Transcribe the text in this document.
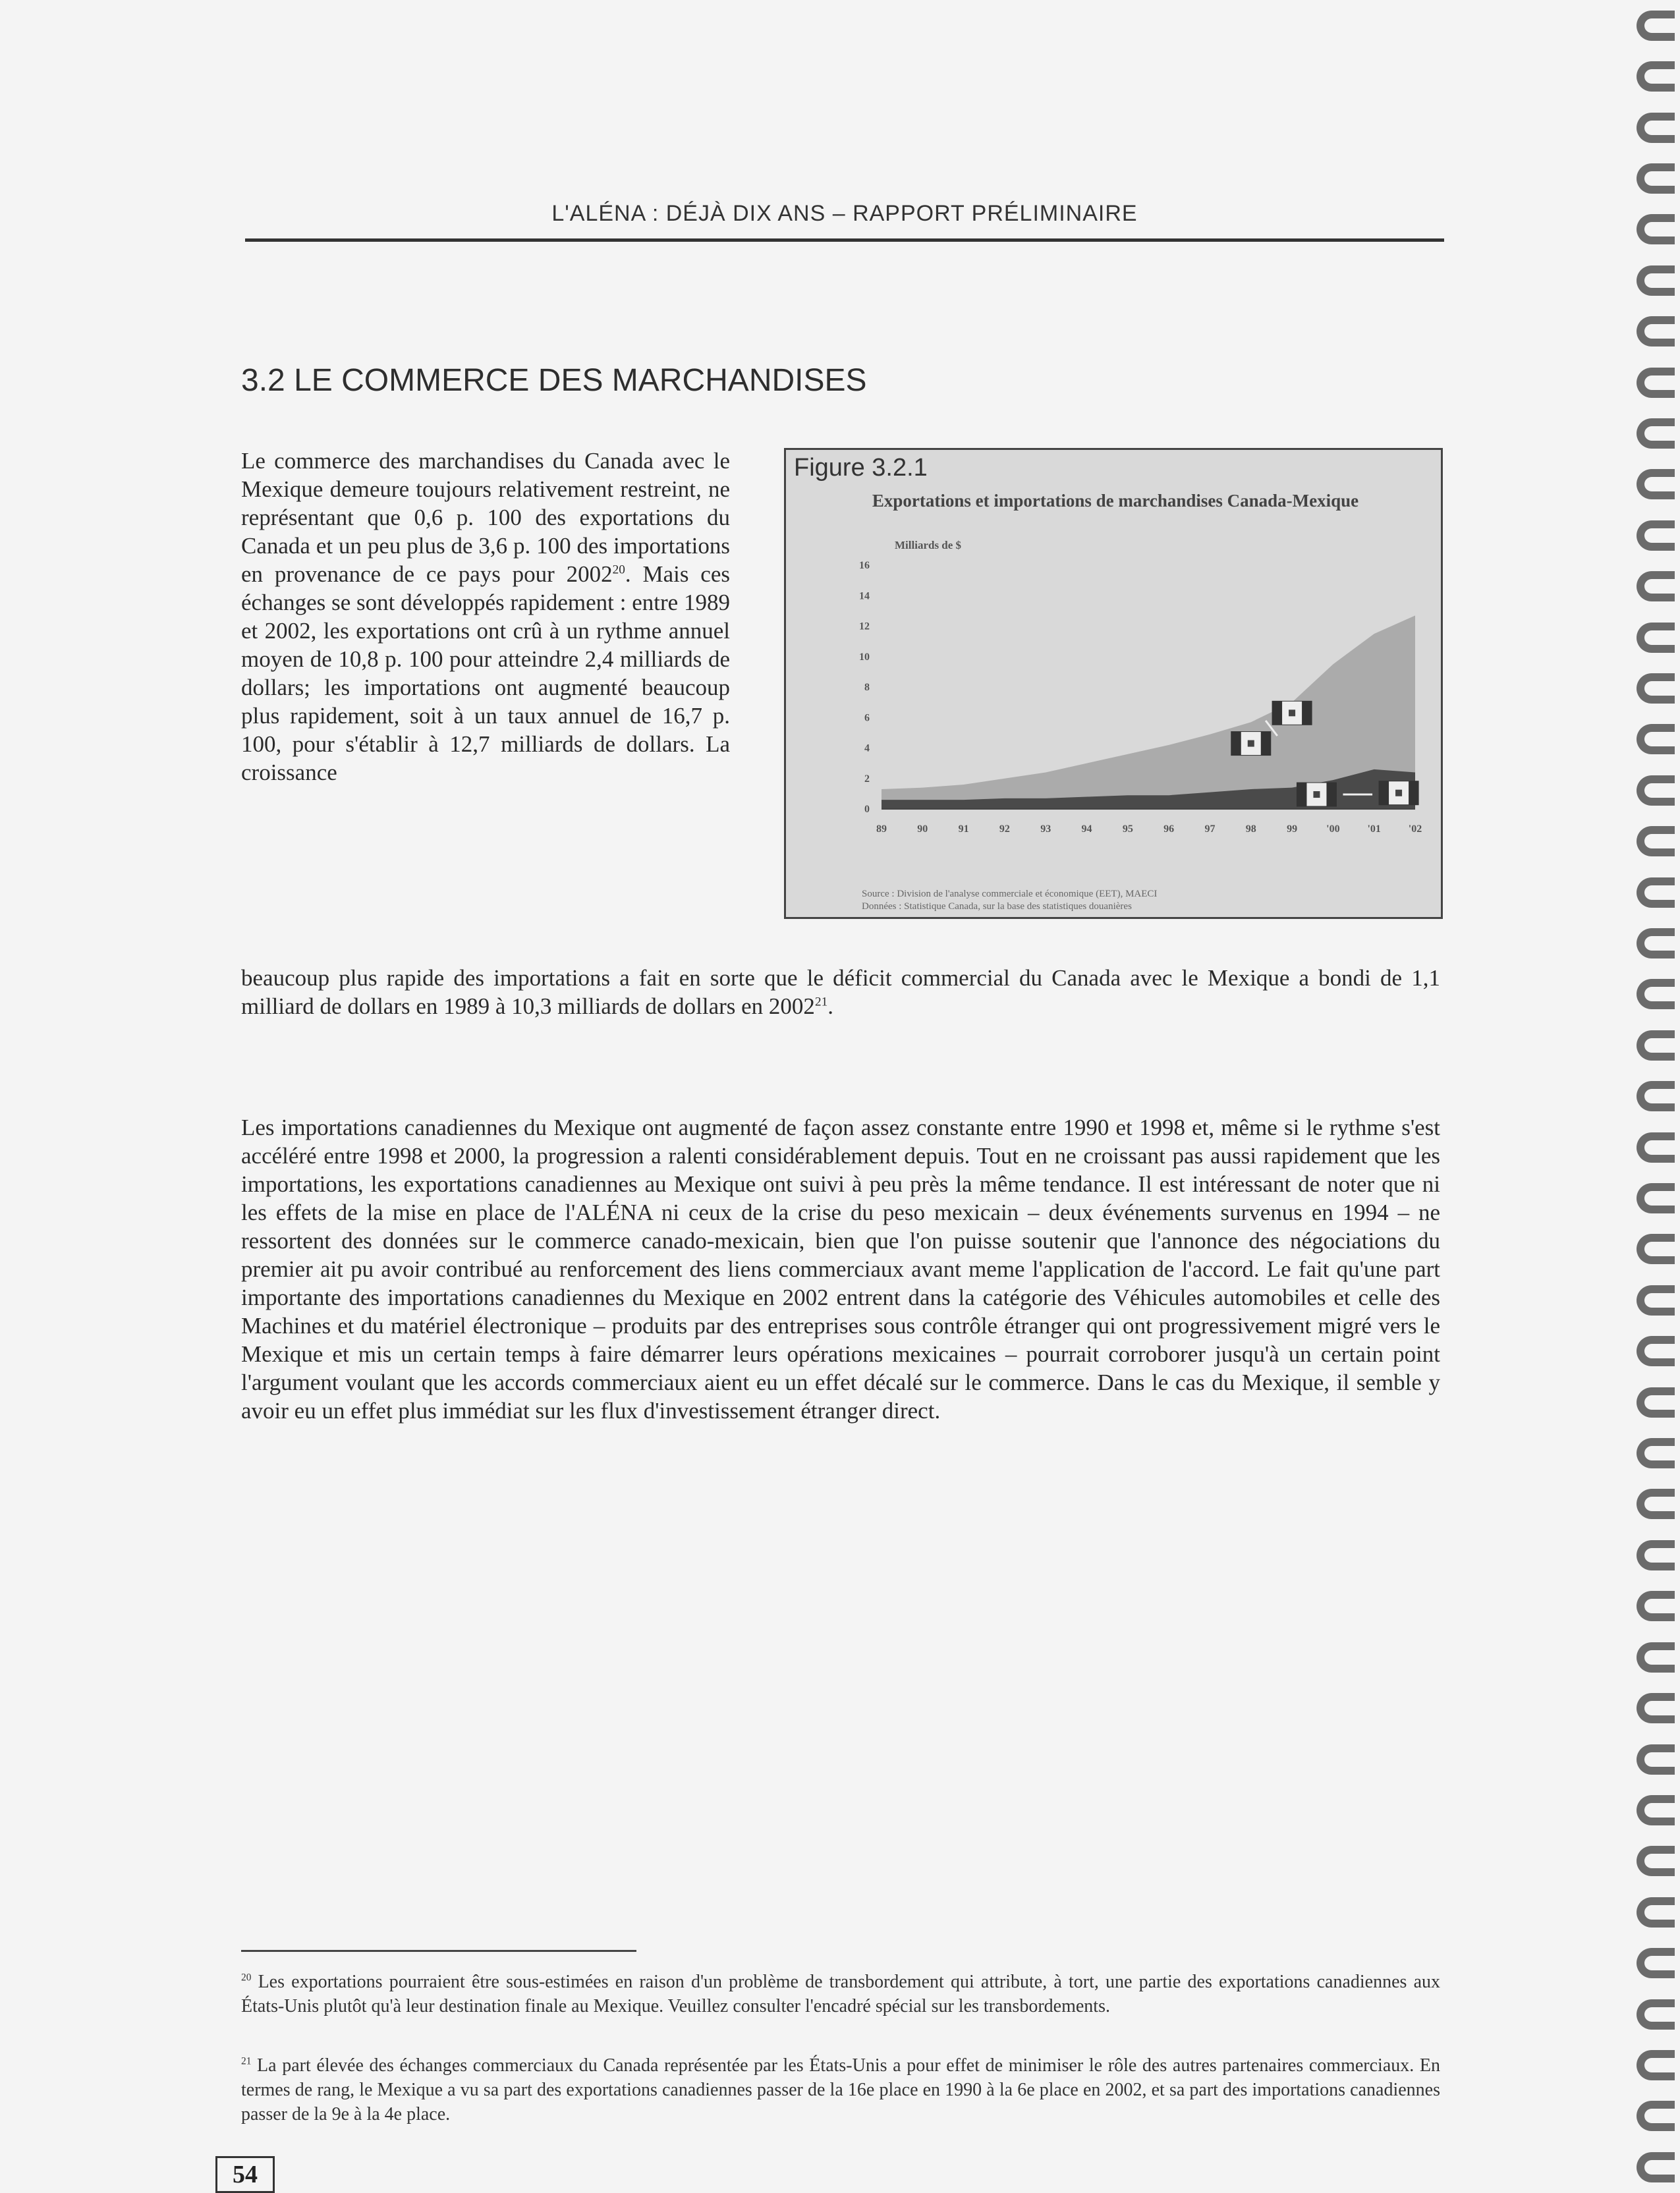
L'ALÉNA : DÉJÀ DIX ANS – RAPPORT PRÉLIMINAIRE
3.2 LE COMMERCE DES MARCHANDISES

Le commerce des marchandises du Canada avec le Mexique demeure toujours relativement restreint, ne représentant que 0,6 p. 100 des exportations du Canada et un peu plus de 3,6 p. 100 des importations en provenance de ce pays pour 2002$^{20}$. Mais ces échanges se sont développés rapidement : entre 1989 et 2002, les exportations ont crû à un rythme annuel moyen de 10,8 p. 100 pour atteindre 2,4 milliards de dollars; les importations ont augmenté beaucoup plus rapidement, soit à un taux annuel de 16,7 p. 100, pour s'établir à 12,7 milliards de dollars. La croissance

Figure 3.2.1
Exportations et importations de marchandises Canada-Mexique
Milliards de $
0
2
4
6
8
10
12
14
16
89	90	91	92	93	94	95	96	97	98	99	'00	'01	'02
Source : Division de l'analyse commerciale et économique (EET), MAECI
Données : Statistique Canada, sur la base des statistiques douanières

beaucoup plus rapide des importations a fait en sorte que le déficit commercial du Canada avec le Mexique a bondi de 1,1 milliard de dollars en 1989 à 10,3 milliards de dollars en 2002$^{21}$.

Les importations canadiennes du Mexique ont augmenté de façon assez constante entre 1990 et 1998 et, même si le rythme s'est accéléré entre 1998 et 2000, la progression a ralenti considérablement depuis. Tout en ne croissant pas aussi rapidement que les importations, les exportations canadiennes au Mexique ont suivi à peu près la même tendance. Il est intéressant de noter que ni les effets de la mise en place de l'ALÉNA ni ceux de la crise du peso mexicain – deux événements survenus en 1994 – ne ressortent des données sur le commerce canado-mexicain, bien que l'on puisse soutenir que l'annonce des négociations du premier ait pu avoir contribué au renforcement des liens commerciaux avant meme l'application de l'accord. Le fait qu'une part importante des importations canadiennes du Mexique en 2002 entrent dans la catégorie des Véhicules automobiles et celle des Machines et du matériel électronique – produits par des entreprises sous contrôle étranger qui ont progressivement migré vers le Mexique et mis un certain temps à faire démarrer leurs opérations mexicaines – pourrait corroborer jusqu'à un certain point l'argument voulant que les accords commerciaux aient eu un effet décalé sur le commerce. Dans le cas du Mexique, il semble y avoir eu un effet plus immédiat sur les flux d'investissement étranger direct.

$^{20}$ Les exportations pourraient être sous-estimées en raison d'un problème de transbordement qui attribute, à tort, une partie des exportations canadiennes aux États-Unis plutôt qu'à leur destination finale au Mexique. Veuillez consulter l'encadré spécial sur les transbordements.

$^{21}$ La part élevée des échanges commerciaux du Canada représentée par les États-Unis a pour effet de minimiser le rôle des autres partenaires commerciaux. En termes de rang, le Mexique a vu sa part des exportations canadiennes passer de la 16e place en 1990 à la 6e place en 2002, et sa part des importations canadiennes passer de la 9e à la 4e place.

54
